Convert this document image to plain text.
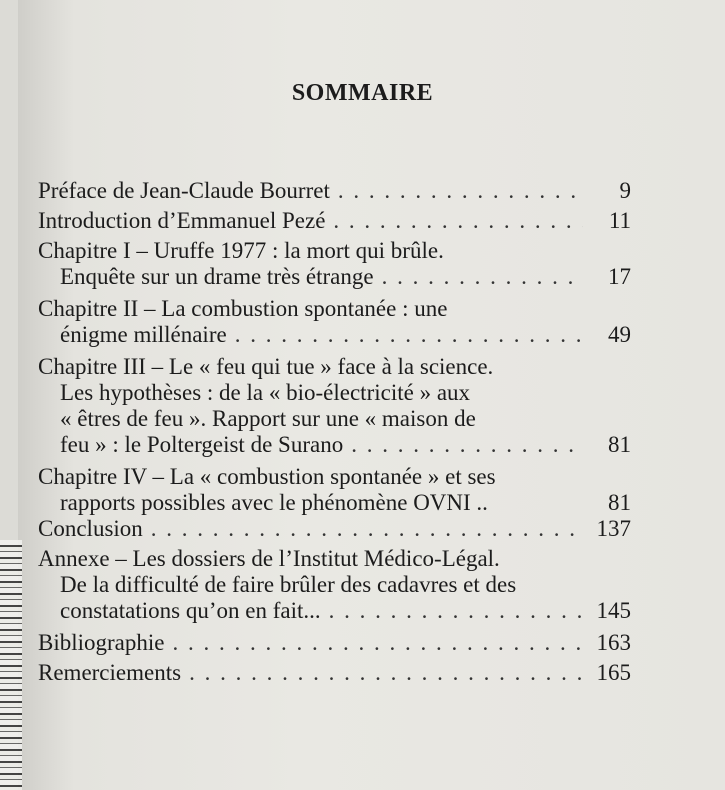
SOMMAIRE
Préface de Jean-Claude Bourret . . .	9
Introduction d’Emmanuel Pezé . . .	11
Chapitre I – Uruffe 1977 : la mort qui brûle.
Enquête sur un drame très étrange . . .	17
Chapitre II – La combustion spontanée : une
énigme millénaire . . .	49
Chapitre III – Le « feu qui tue » face à la science.
Les hypothèses : de la « bio-électricité » aux
« êtres de feu ». Rapport sur une « maison de
feu » : le Poltergeist de Surano . . .	81
Chapitre IV – La « combustion spontanée » et ses
rapports possibles avec le phénomène OVNI ..	81
Conclusion . . .	137
Annexe – Les dossiers de l’Institut Médico-Légal.
De la difficulté de faire brûler des cadavres et des
constatations qu’on en fait... . . .	145
Bibliographie . . .	163
Remerciements . . .	165
